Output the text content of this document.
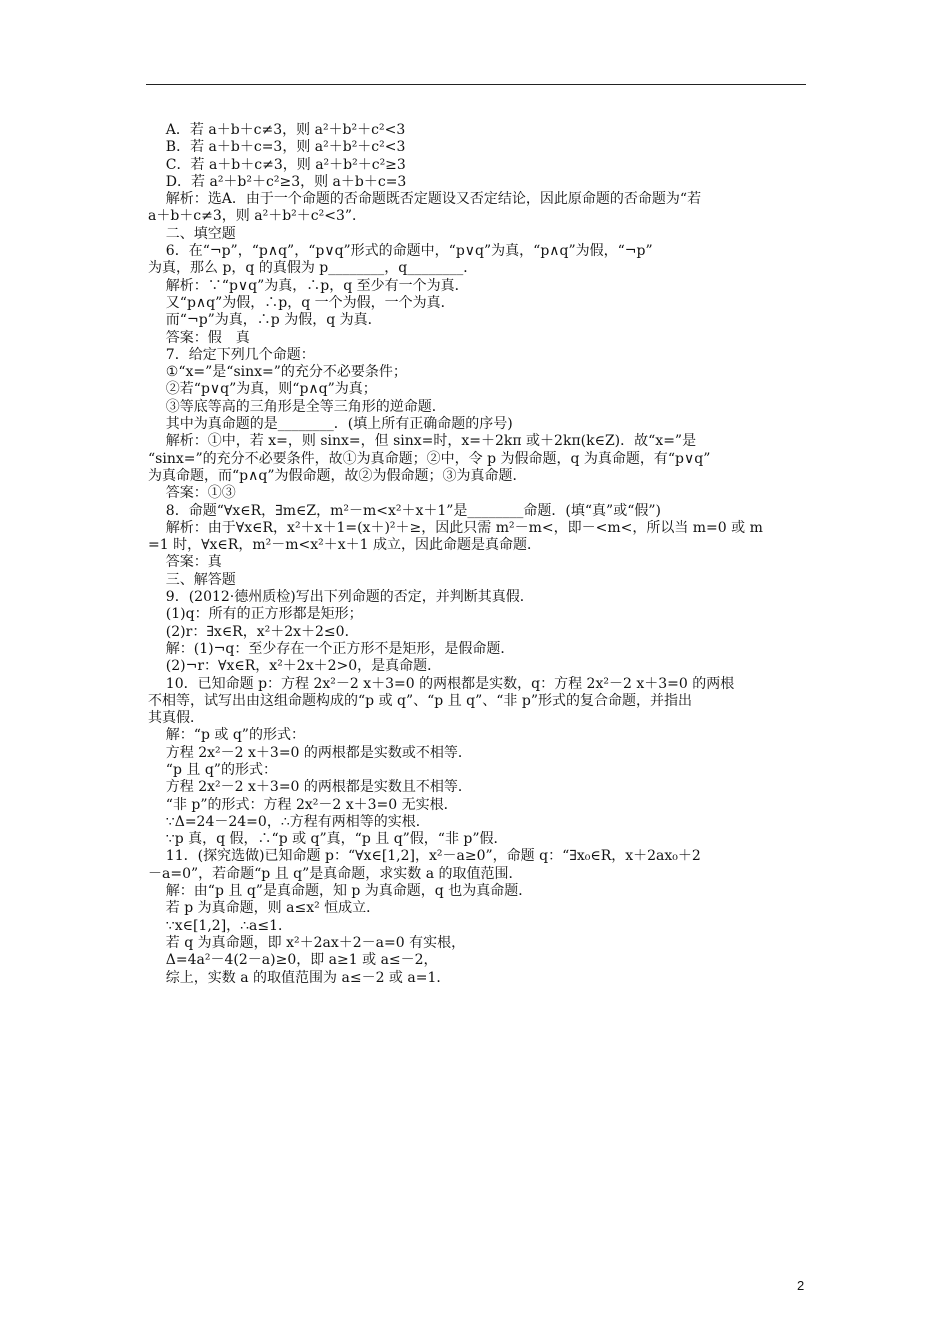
A．若 a＋b＋c≠3，则 a²＋b²＋c²<3
B．若 a＋b＋c=3，则 a²＋b²＋c²<3
C．若 a＋b＋c≠3，则 a²＋b²＋c²≥3
D．若 a²＋b²＋c²≥3，则 a＋b＋c=3
解析：选A．由于一个命题的否命题既否定题设又否定结论，因此原命题的否命题为“若
a＋b＋c≠3，则 a²＋b²＋c²<3”．
二、填空题
6．在“¬p”，“p∧q”，“p∨q”形式的命题中，“p∨q”为真，“p∧q”为假，“¬p”
为真，那么 p，q 的真假为 p________，q________．
解析：∵“p∨q”为真，∴p，q 至少有一个为真．
又“p∧q”为假，∴p，q 一个为假，一个为真．
而“¬p”为真，∴p 为假，q 为真．
答案：假　真
7．给定下列几个命题：
①“x=”是“sinx=”的充分不必要条件；
②若“p∨q”为真，则“p∧q”为真；
③等底等高的三角形是全等三角形的逆命题．
其中为真命题的是________．(填上所有正确命题的序号)
解析：①中，若 x=，则 sinx=，但 sinx=时，x=＋2kπ 或＋2kπ(k∈Z)．故“x=”是
“sinx=”的充分不必要条件，故①为真命题；②中，令 p 为假命题，q 为真命题，有“p∨q”
为真命题，而“p∧q”为假命题，故②为假命题；③为真命题．
答案：①③
8．命题“∀x∈R，∃m∈Z，m²－m<x²＋x＋1”是________命题．(填“真”或“假”)
解析：由于∀x∈R，x²＋x＋1=(x＋)²＋≥，因此只需 m²－m<，即－<m<，所以当 m=0 或 m
=1 时，∀x∈R，m²－m<x²＋x＋1 成立，因此命题是真命题．
答案：真
三、解答题
9．(2012·德州质检)写出下列命题的否定，并判断其真假．
(1)q：所有的正方形都是矩形；
(2)r：∃x∈R，x²＋2x＋2≤0．
解：(1)¬q：至少存在一个正方形不是矩形，是假命题．
(2)¬r：∀x∈R，x²＋2x＋2>0，是真命题．
10．已知命题 p：方程 2x²－2 x＋3=0 的两根都是实数，q：方程 2x²－2 x＋3=0 的两根
不相等，试写出由这组命题构成的“p 或 q”、“p 且 q”、“非 p”形式的复合命题，并指出
其真假．
解：“p 或 q”的形式：
方程 2x²－2 x＋3=0 的两根都是实数或不相等．
“p 且 q”的形式：
方程 2x²－2 x＋3=0 的两根都是实数且不相等．
“非 p”的形式：方程 2x²－2 x＋3=0 无实根．
∵Δ=24－24=0，∴方程有两相等的实根．
∵p 真，q 假，∴“p 或 q”真，“p 且 q”假，“非 p”假．
11．(探究选做)已知命题 p：“∀x∈[1,2]，x²－a≥0”，命题 q：“∃x₀∈R，x＋2ax₀＋2
－a=0”，若命题“p 且 q”是真命题，求实数 a 的取值范围．
解：由“p 且 q”是真命题，知 p 为真命题，q 也为真命题．
若 p 为真命题，则 a≤x² 恒成立．
∵x∈[1,2]，∴a≤1．
若 q 为真命题，即 x²＋2ax＋2－a=0 有实根，
Δ=4a²－4(2－a)≥0，即 a≥1 或 a≤－2，
综上，实数 a 的取值范围为 a≤－2 或 a=1．
2
